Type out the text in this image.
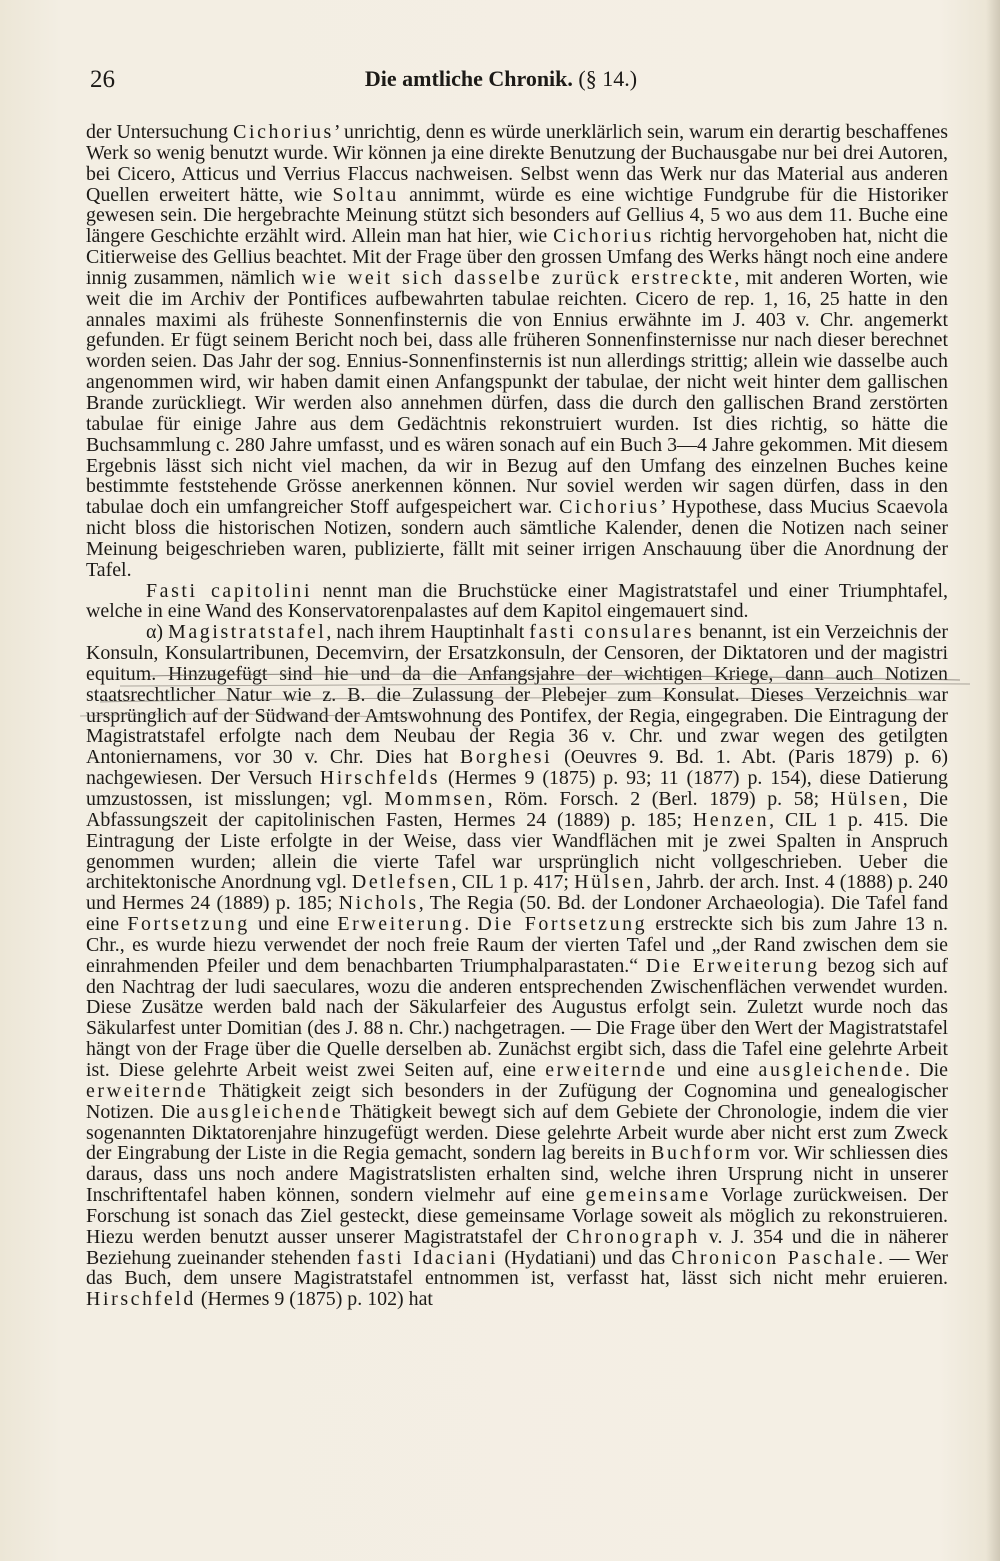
26	Die amtliche Chronik. (§ 14.)

der Untersuchung Cichorius’ unrichtig, denn es würde unerklärlich sein, warum ein derartig beschaffenes Werk so wenig benutzt wurde. Wir können ja eine direkte Benutzung der Buchausgabe nur bei drei Autoren, bei Cicero, Atticus und Verrius Flaccus nachweisen. Selbst wenn das Werk nur das Material aus anderen Quellen erweitert hätte, wie Soltau annimmt, würde es eine wichtige Fundgrube für die Historiker gewesen sein. Die hergebrachte Meinung stützt sich besonders auf Gellius 4, 5 wo aus dem 11. Buche eine längere Geschichte erzählt wird. Allein man hat hier, wie Cichorius richtig hervorgehoben hat, nicht die Citierweise des Gellius beachtet. Mit der Frage über den grossen Umfang des Werks hängt noch eine andere innig zusammen, nämlich wie weit sich dasselbe zurück erstreckte, mit anderen Worten, wie weit die im Archiv der Pontifices aufbewahrten tabulae reichten. Cicero de rep. 1, 16, 25 hatte in den annales maximi als früheste Sonnenfinsternis die von Ennius erwähnte im J. 403 v. Chr. angemerkt gefunden. Er fügt seinem Bericht noch bei, dass alle früheren Sonnenfinsternisse nur nach dieser berechnet worden seien. Das Jahr der sog. Ennius-Sonnenfinsternis ist nun allerdings strittig; allein wie dasselbe auch angenommen wird, wir haben damit einen Anfangspunkt der tabulae, der nicht weit hinter dem gallischen Brande zurückliegt. Wir werden also annehmen dürfen, dass die durch den gallischen Brand zerstörten tabulae für einige Jahre aus dem Gedächtnis rekonstruiert wurden. Ist dies richtig, so hätte die Buchsammlung c. 280 Jahre umfasst, und es wären sonach auf ein Buch 3—4 Jahre gekommen. Mit diesem Ergebnis lässt sich nicht viel machen, da wir in Bezug auf den Umfang des einzelnen Buches keine bestimmte feststehende Grösse anerkennen können. Nur soviel werden wir sagen dürfen, dass in den tabulae doch ein umfangreicher Stoff aufgespeichert war. Cichorius’ Hypothese, dass Mucius Scaevola nicht bloss die historischen Notizen, sondern auch sämtliche Kalender, denen die Notizen nach seiner Meinung beigeschrieben waren, publizierte, fällt mit seiner irrigen Anschauung über die Anordnung der Tafel.

Fasti capitolini nennt man die Bruchstücke einer Magistratstafel und einer Triumphtafel, welche in eine Wand des Konservatorenpalastes auf dem Kapitol eingemauert sind.

α) Magistratstafel, nach ihrem Hauptinhalt fasti consulares benannt, ist ein Verzeichnis der Konsuln, Konsulartribunen, Decemvirn, der Ersatzkonsuln, der Censoren, der Diktatoren und der magistri equitum. Hinzugefügt sind hie und da die Anfangsjahre der wichtigen Kriege, dann auch Notizen staatsrechtlicher Natur wie z. B. die Zulassung der Plebejer zum Konsulat. Dieses Verzeichnis war ursprünglich auf der Südwand der Amtswohnung des Pontifex, der Regia, eingegraben. Die Eintragung der Magistratstafel erfolgte nach dem Neubau der Regia 36 v. Chr. und zwar wegen des getilgten Antoniernamens, vor 30 v. Chr. Dies hat Borghesi (Oeuvres 9. Bd. 1. Abt. (Paris 1879) p. 6) nachgewiesen. Der Versuch Hirschfelds (Hermes 9 (1875) p. 93; 11 (1877) p. 154), diese Datierung umzustossen, ist misslungen; vgl. Mommsen, Röm. Forsch. 2 (Berl. 1879) p. 58; Hülsen, Die Abfassungszeit der capitolinischen Fasten, Hermes 24 (1889) p. 185; Henzen, CIL 1 p. 415. Die Eintragung der Liste erfolgte in der Weise, dass vier Wandflächen mit je zwei Spalten in Anspruch genommen wurden; allein die vierte Tafel war ursprünglich nicht vollgeschrieben. Ueber die architektonische Anordnung vgl. Detlefsen, CIL 1 p. 417; Hülsen, Jahrb. der arch. Inst. 4 (1888) p. 240 und Hermes 24 (1889) p. 185; Nichols, The Regia (50. Bd. der Londoner Archaeologia). Die Tafel fand eine Fortsetzung und eine Erweiterung. Die Fortsetzung erstreckte sich bis zum Jahre 13 n. Chr., es wurde hiezu verwendet der noch freie Raum der vierten Tafel und „der Rand zwischen dem sie einrahmenden Pfeiler und dem benachbarten Triumphalparastaten.“ Die Erweiterung bezog sich auf den Nachtrag der ludi saeculares, wozu die anderen entsprechenden Zwischenflächen verwendet wurden. Diese Zusätze werden bald nach der Säkularfeier des Augustus erfolgt sein. Zuletzt wurde noch das Säkularfest unter Domitian (des J. 88 n. Chr.) nachgetragen. — Die Frage über den Wert der Magistratstafel hängt von der Frage über die Quelle derselben ab. Zunächst ergibt sich, dass die Tafel eine gelehrte Arbeit ist. Diese gelehrte Arbeit weist zwei Seiten auf, eine erweiternde und eine ausgleichende. Die erweiternde Thätigkeit zeigt sich besonders in der Zufügung der Cognomina und genealogischer Notizen. Die ausgleichende Thätigkeit bewegt sich auf dem Gebiete der Chronologie, indem die vier sogenannten Diktatorenjahre hinzugefügt werden. Diese gelehrte Arbeit wurde aber nicht erst zum Zweck der Eingrabung der Liste in die Regia gemacht, sondern lag bereits in Buchform vor. Wir schliessen dies daraus, dass uns noch andere Magistratslisten erhalten sind, welche ihren Ursprung nicht in unserer Inschriftentafel haben können, sondern vielmehr auf eine gemeinsame Vorlage zurückweisen. Der Forschung ist sonach das Ziel gesteckt, diese gemeinsame Vorlage soweit als möglich zu rekonstruieren. Hiezu werden benutzt ausser unserer Magistratstafel der Chronograph v. J. 354 und die in näherer Beziehung zueinander stehenden fasti Idaciani (Hydatiani) und das Chronicon Paschale. — Wer das Buch, dem unsere Magistratstafel entnommen ist, verfasst hat, lässt sich nicht mehr eruieren. Hirschfeld (Hermes 9 (1875) p. 102) hat
